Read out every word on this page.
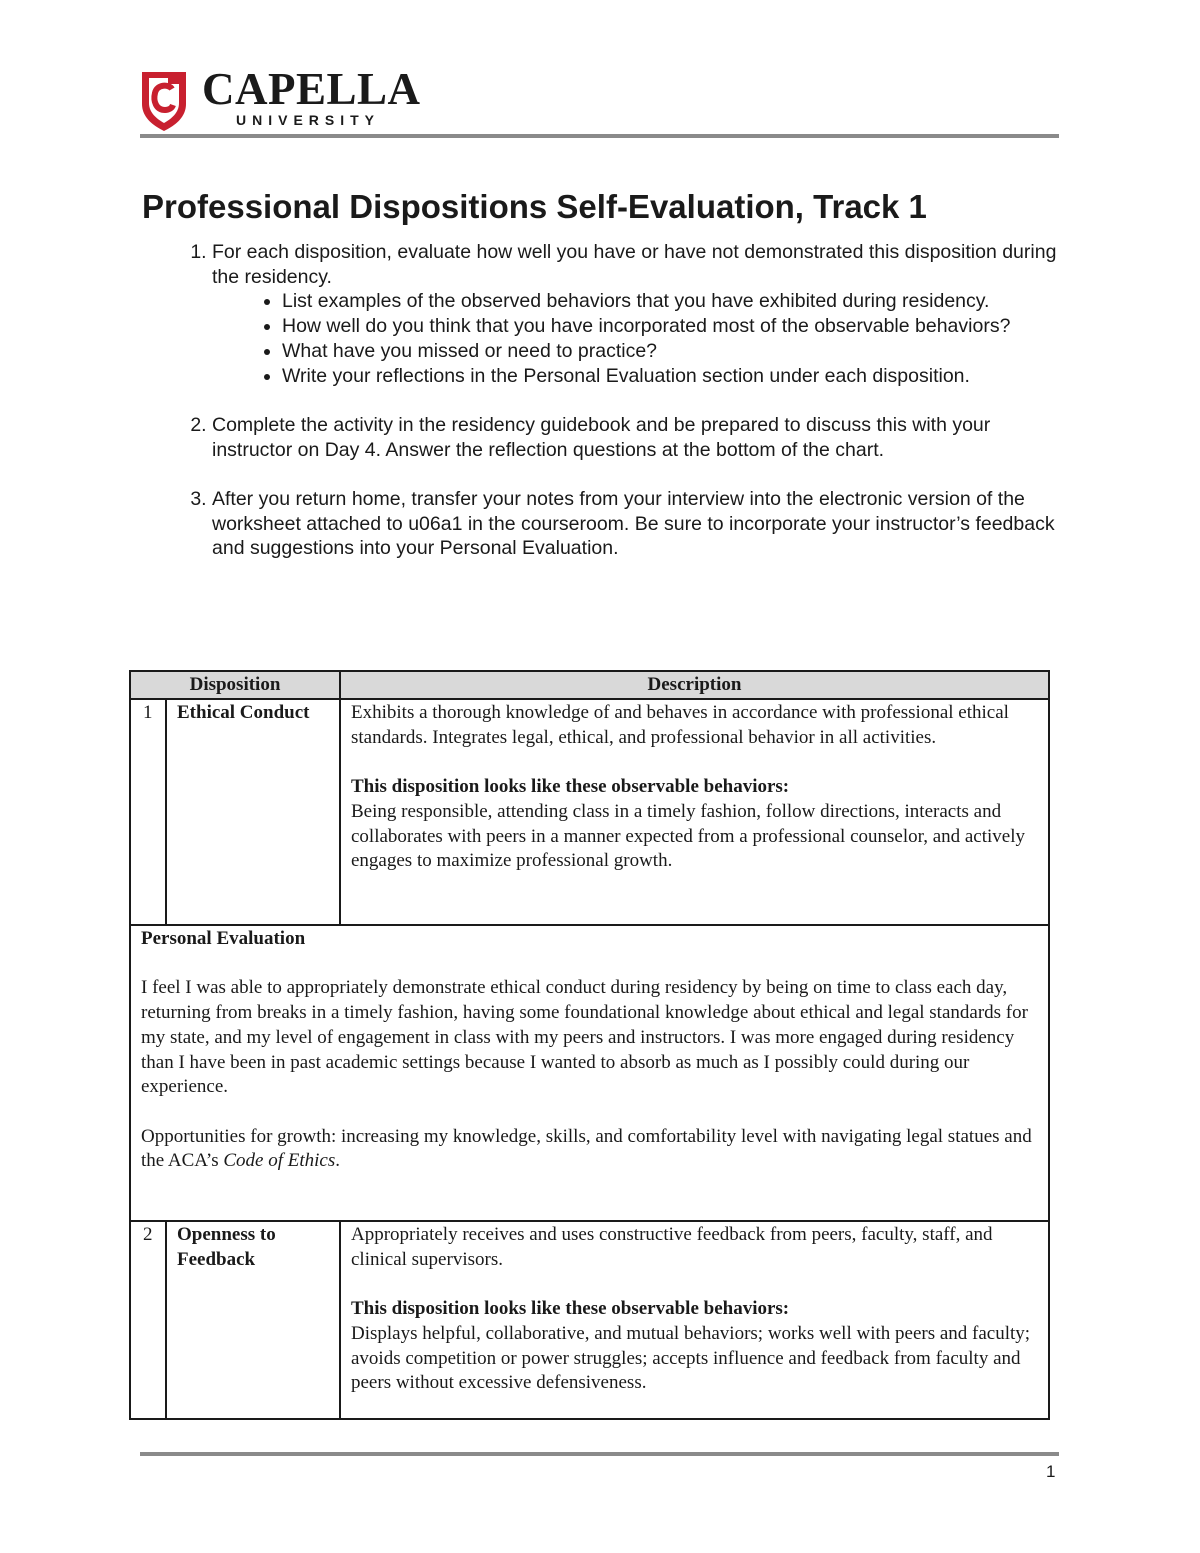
CAPELLA
UNIVERSITY
Professional Dispositions Self-Evaluation, Track 1
1. For each disposition, evaluate how well you have or have not demonstrated this disposition during the residency.
• List examples of the observed behaviors that you have exhibited during residency.
• How well do you think that you have incorporated most of the observable behaviors?
• What have you missed or need to practice?
• Write your reflections in the Personal Evaluation section under each disposition.
2. Complete the activity in the residency guidebook and be prepared to discuss this with your instructor on Day 4. Answer the reflection questions at the bottom of the chart.
3. After you return home, transfer your notes from your interview into the electronic version of the worksheet attached to u06a1 in the courseroom. Be sure to incorporate your instructor’s feedback and suggestions into your Personal Evaluation.
Disposition		Description
1	Ethical Conduct	Exhibits a thorough knowledge of and behaves in accordance with professional ethical standards. Integrates legal, ethical, and professional behavior in all activities.

This disposition looks like these observable behaviors:

Being responsible, attending class in a timely fashion, follow directions, interacts and collaborates with peers in a manner expected from a professional counselor, and actively engages to maximize professional growth.

Personal Evaluation

I feel I was able to appropriately demonstrate ethical conduct during residency by being on time to class each day, returning from breaks in a timely fashion, having some foundational knowledge about ethical and legal standards for my state, and my level of engagement in class with my peers and instructors. I was more engaged during residency than I have been in past academic settings because I wanted to absorb as much as I possibly could during our experience.

Opportunities for growth: increasing my knowledge, skills, and comfortability level with navigating legal statues and the ACA’s Code of Ethics.		

2	Openness to Feedback	Appropriately receives and uses constructive feedback from peers, faculty, staff, and clinical supervisors.

This disposition looks like these observable behaviors:

Displays helpful, collaborative, and mutual behaviors; works well with peers and faculty; avoids competition or power struggles; accepts influence and feedback from faculty and peers without excessive defensiveness.

1
